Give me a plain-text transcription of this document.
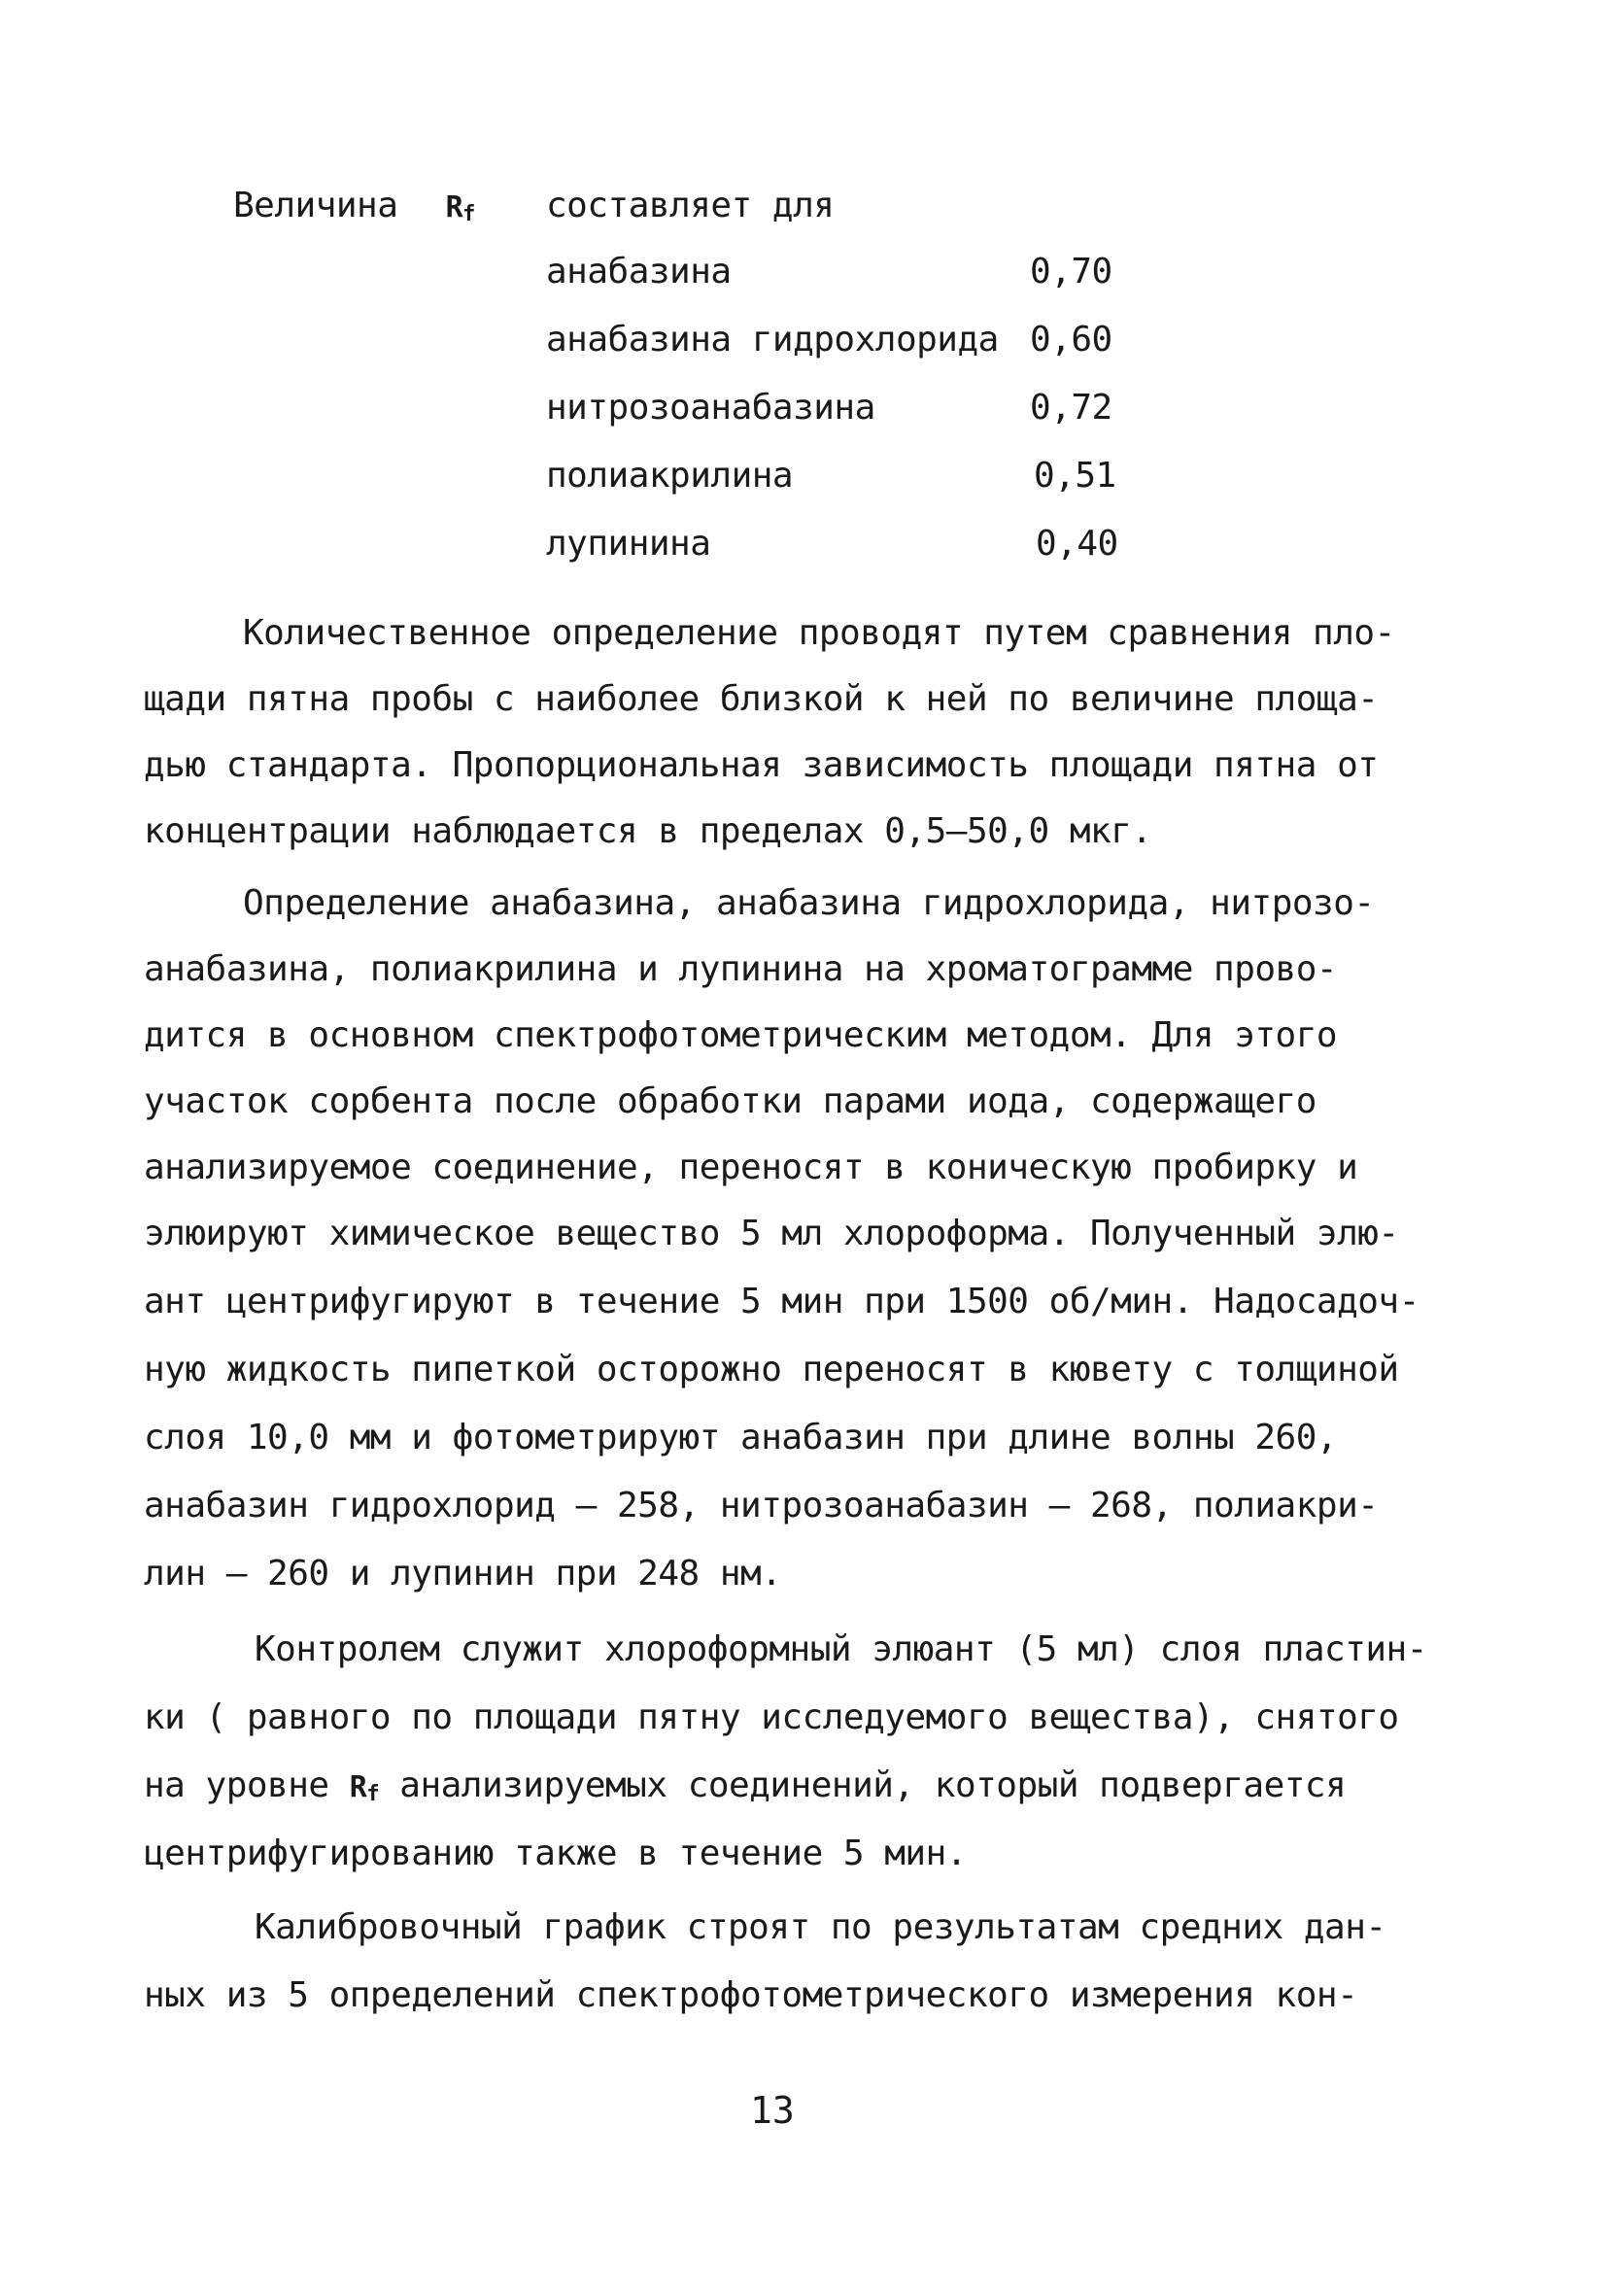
Величина $R_f$ составляет для
анабазина	0,70
анабазина гидрохлорида 0,60
нитрозоанабазина	0,72
полиакрилина	0,51
лупинина	0,40
Количественное определение проводят путем сравнения пло-
щади пятна пробы с наиболее близкой к ней по величине площа-
дью стандарта. Пропорциональная зависимость площади пятна от
концентрации наблюдается в пределах 0,5–50,0 мкг.
Определение анабазина, анабазина гидрохлорида, нитрозо-
анабазина, полиакрилина и лупинина на хроматограмме прово-
дится в основном спектрофотометрическим методом. Для этого
участок сорбента после обработки парами иода, содержащего
анализируемое соединение, переносят в коническую пробирку и
элюируют химическое вещество 5 мл хлороформа. Полученный элю-
ант центрифугируют в течение 5 мин при 1500 об/мин. Надосадоч-
ную жидкость пипеткой осторожно переносят в кювету с толщиной
слоя 10,0 мм и фотометрируют анабазин при длине волны 260,
анабазин гидрохлорид – 258, нитрозоанабазин – 268, полиакри-
лин – 260 и лупинин при 248 нм.
Контролем служит хлороформный элюант (5 мл) слоя пластин-
ки ( равного по площади пятну исследуемого вещества), снятого
на уровне $R_f$ анализируемых соединений, который подвергается
центрифугированию также в течение 5 мин.
Калибровочный график строят по результатам средних дан-
ных из 5 определений спектрофотометрического измерения кон-
13
